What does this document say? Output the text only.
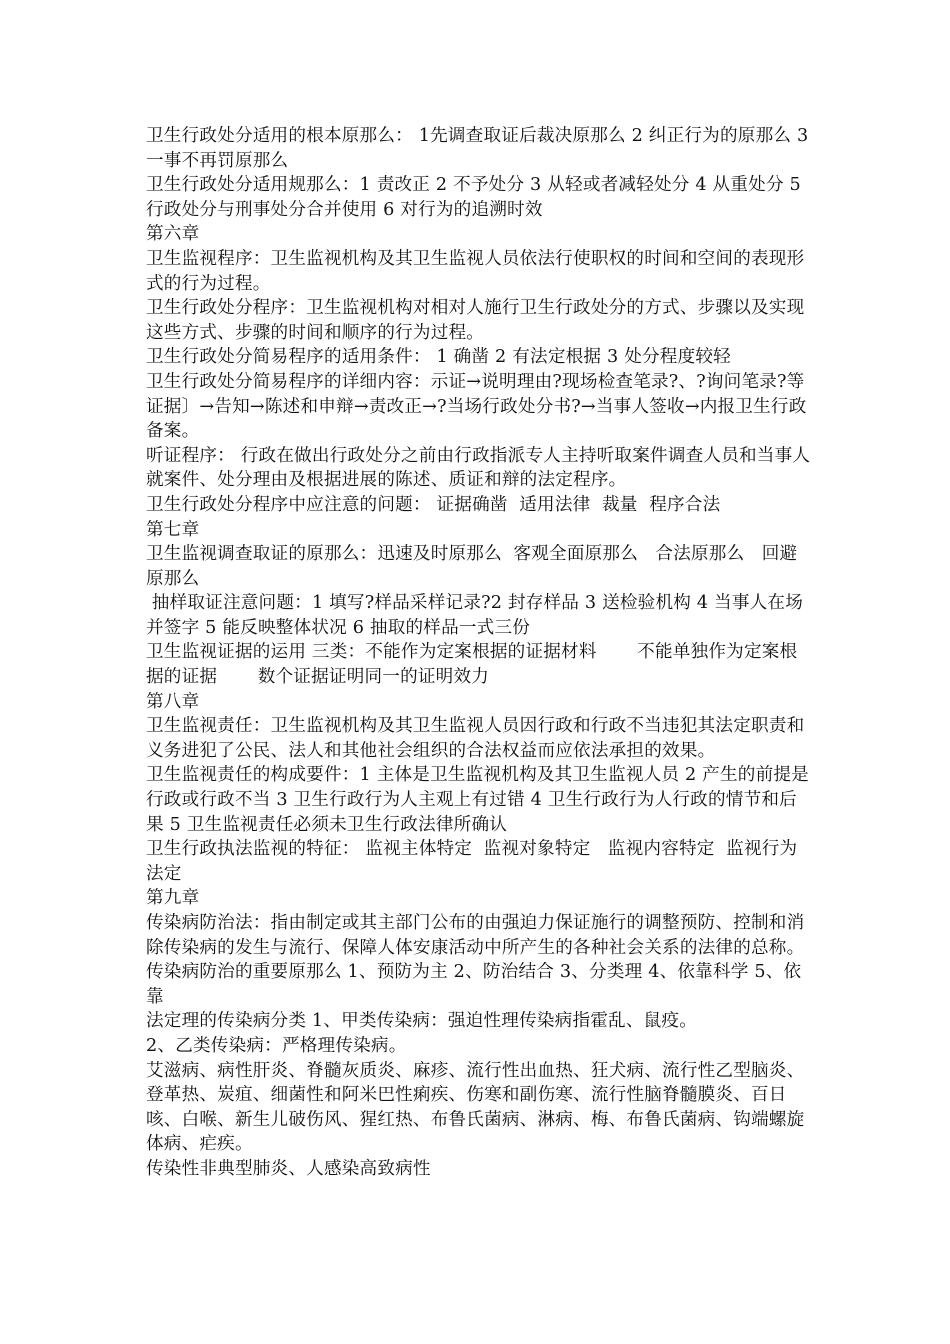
卫生行政处分适用的根本原那么： 1先调查取证后裁决原那么 2 纠正行为的原那么 3 一事不再罚原那么

卫生行政处分适用规那么：1 责改正 2 不予处分 3 从轻或者减轻处分 4 从重处分 5 行政处分与刑事处分合并使用 6 对行为的追溯时效

第六章

卫生监视程序：卫生监视机构及其卫生监视人员依法行使职权的时间和空间的表现形式的行为过程。

卫生行政处分程序：卫生监视机构对相对人施行卫生行政处分的方式、步骤以及实现这些方式、步骤的时间和顺序的行为过程。

卫生行政处分简易程序的适用条件： 1 确凿 2 有法定根据 3 处分程度较轻

卫生行政处分简易程序的详细内容：示证→说明理由?现场检查笔录?、?询问笔录?等证据〕→告知→陈述和申辩→责改正→?当场行政处分书?→当事人签收→内报卫生行政备案。

听证程序： 行政在做出行政处分之前由行政指派专人主持听取案件调查人员和当事人就案件、处分理由及根据进展的陈述、质证和辩的法定程序。

卫生行政处分程序中应注意的问题： 证据确凿  适用法律  裁量  程序合法

第七章

卫生监视调查取证的原那么：迅速及时原那么  客观全面原那么   合法原那么   回避原那么

抽样取证注意问题：1 填写?样品采样记录?2 封存样品 3 送检验机构 4 当事人在场并签字 5 能反映整体状况 6 抽取的样品一式三份

卫生监视证据的运用 三类：不能作为定案根据的证据材料       不能单独作为定案根据的证据       数个证据证明同一的证明效力

第八章

卫生监视责任：卫生监视机构及其卫生监视人员因行政和行政不当违犯其法定职责和义务进犯了公民、法人和其他社会组织的合法权益而应依法承担的效果。

卫生监视责任的构成要件：1 主体是卫生监视机构及其卫生监视人员 2 产生的前提是行政或行政不当 3 卫生行政行为人主观上有过错 4 卫生行政行为人行政的情节和后果 5 卫生监视责任必须未卫生行政法律所确认

卫生行政执法监视的特征： 监视主体特定  监视对象特定   监视内容特定  监视行为法定

第九章

传染病防治法：指由制定或其主部门公布的由强迫力保证施行的调整预防、控制和消除传染病的发生与流行、保障人体安康活动中所产生的各种社会关系的法律的总称。

传染病防治的重要原那么 1、预防为主 2、防治结合 3、分类理 4、依靠科学 5、依靠

法定理的传染病分类 1、甲类传染病：强迫性理传染病指霍乱、鼠疫。

2、乙类传染病：严格理传染病。

艾滋病、病性肝炎、脊髓灰质炎、麻疹、流行性出血热、狂犬病、流行性乙型脑炎、登革热、炭疽、细菌性和阿米巴性痢疾、伤寒和副伤寒、流行性脑脊髓膜炎、百日咳、白喉、新生儿破伤风、猩红热、布鲁氏菌病、淋病、梅、布鲁氏菌病、钩端螺旋体病、疟疾。

传染性非典型肺炎、人感染高致病性
